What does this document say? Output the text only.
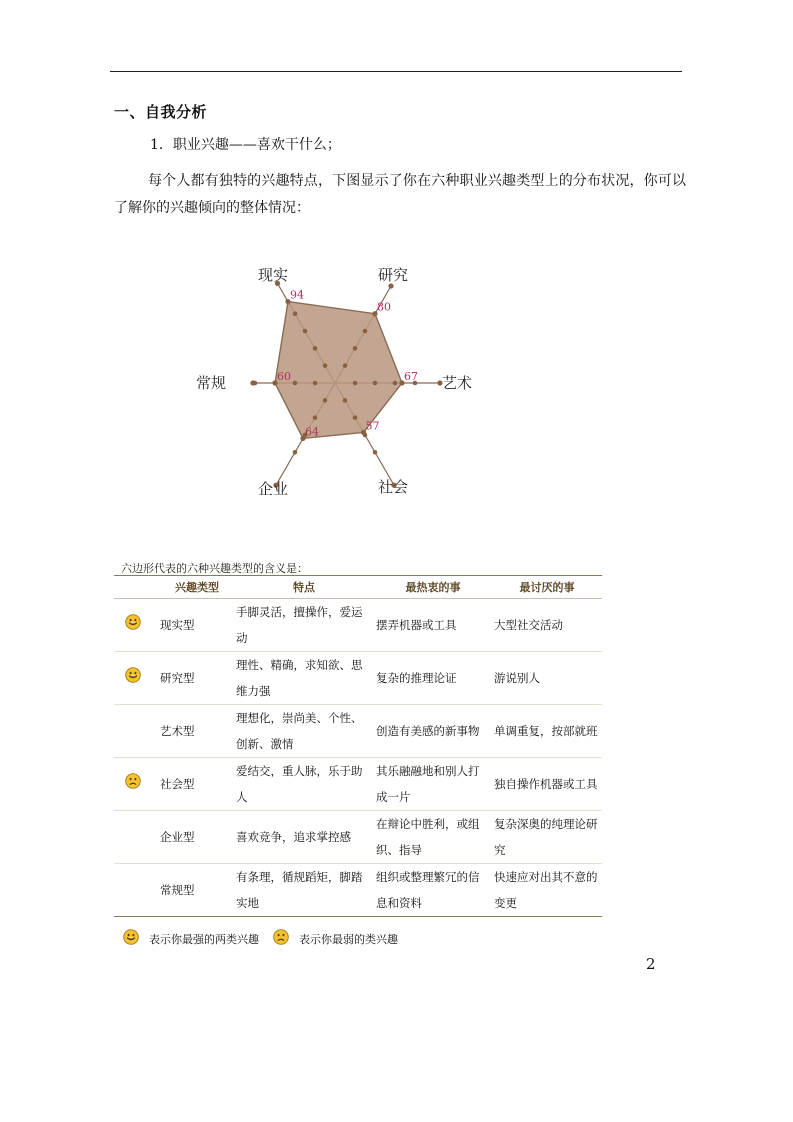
一、自我分析
1．职业兴趣——喜欢干什么；
每个人都有独特的兴趣特点，下图显示了你在六种职业兴趣类型上的分布状况，你可以了解你的兴趣倾向的整体情况：
94
80
67
57
64
60
现实	研究
艺术
社会
企业
常规
六边形代表的六种兴趣类型的含义是：
	兴趣类型	特点	最热衷的事	最讨厌的事
	现实型	手脚灵活，擅操作，爱运动	摆弄机器或工具	大型社交活动
	研究型	理性、精确，求知欲、思维力强	复杂的推理论证	游说别人
	艺术型	理想化，崇尚美、个性、创新、激情	创造有美感的新事物	单调重复，按部就班
	社会型	爱结交，重人脉，乐于助人	其乐融融地和别人打成一片	独自操作机器或工具
	企业型	喜欢竞争，追求掌控感	在辩论中胜利，或组织、指导	复杂深奥的纯理论研究
	常规型	有条理，循规蹈矩，脚踏实地	组织或整理繁冗的信息和资料	快速应对出其不意的变更
表示你最强的两类兴趣	表示你最弱的类兴趣
2
